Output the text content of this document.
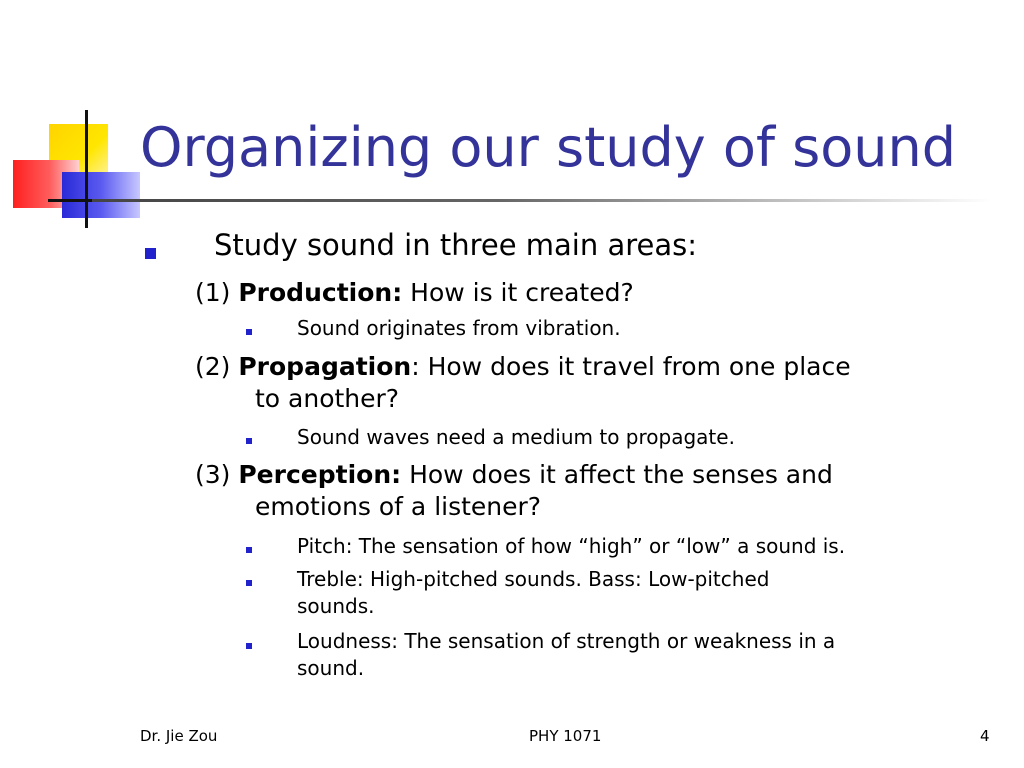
Organizing our study of sound
Study sound in three main areas:
(1) Production: How is it created?
Sound originates from vibration.
(2) Propagation: How does it travel from one place
to another?
Sound waves need a medium to propagate.
(3) Perception: How does it affect the senses and
emotions of a listener?
Pitch: The sensation of how “high” or “low” a sound is.
Treble: High-pitched sounds. Bass: Low-pitched
sounds.
Loudness: The sensation of strength or weakness in a
sound.
Dr. Jie Zou	PHY 1071	4
